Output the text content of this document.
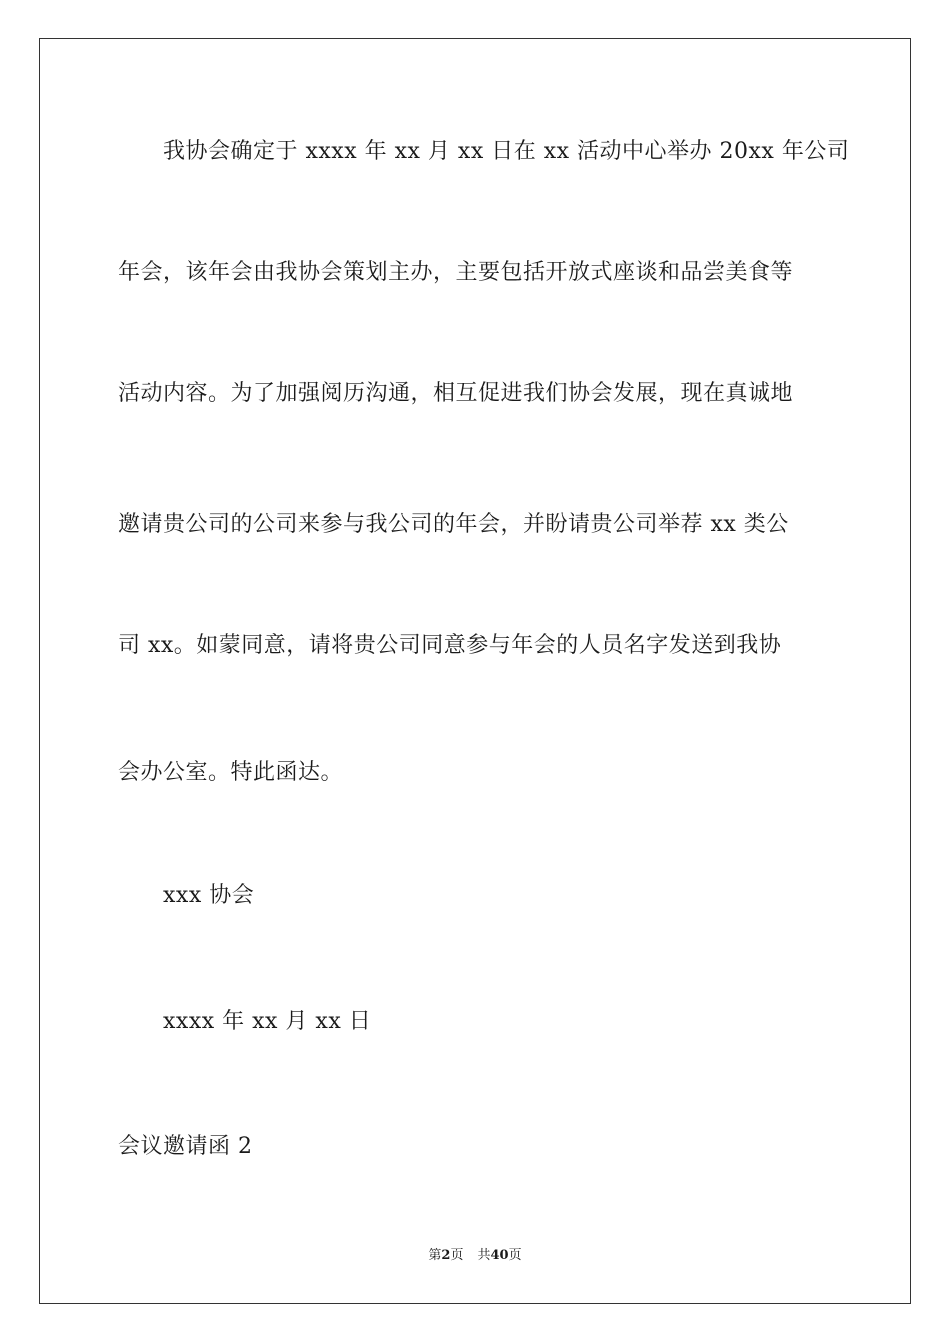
我协会确定于 xxxx 年 xx 月 xx 日在 xx 活动中心举办 20xx 年公司
年会，该年会由我协会策划主办，主要包括开放式座谈和品尝美食等
活动内容。为了加强阅历沟通，相互促进我们协会发展，现在真诚地
邀请贵公司的公司来参与我公司的年会，并盼请贵公司举荐 xx 类公
司 xx。如蒙同意，请将贵公司同意参与年会的人员名字发送到我协
会办公室。特此函达。
xxx 协会
xxxx 年 xx 月 xx 日
会议邀请函 2
第2页 共40页
